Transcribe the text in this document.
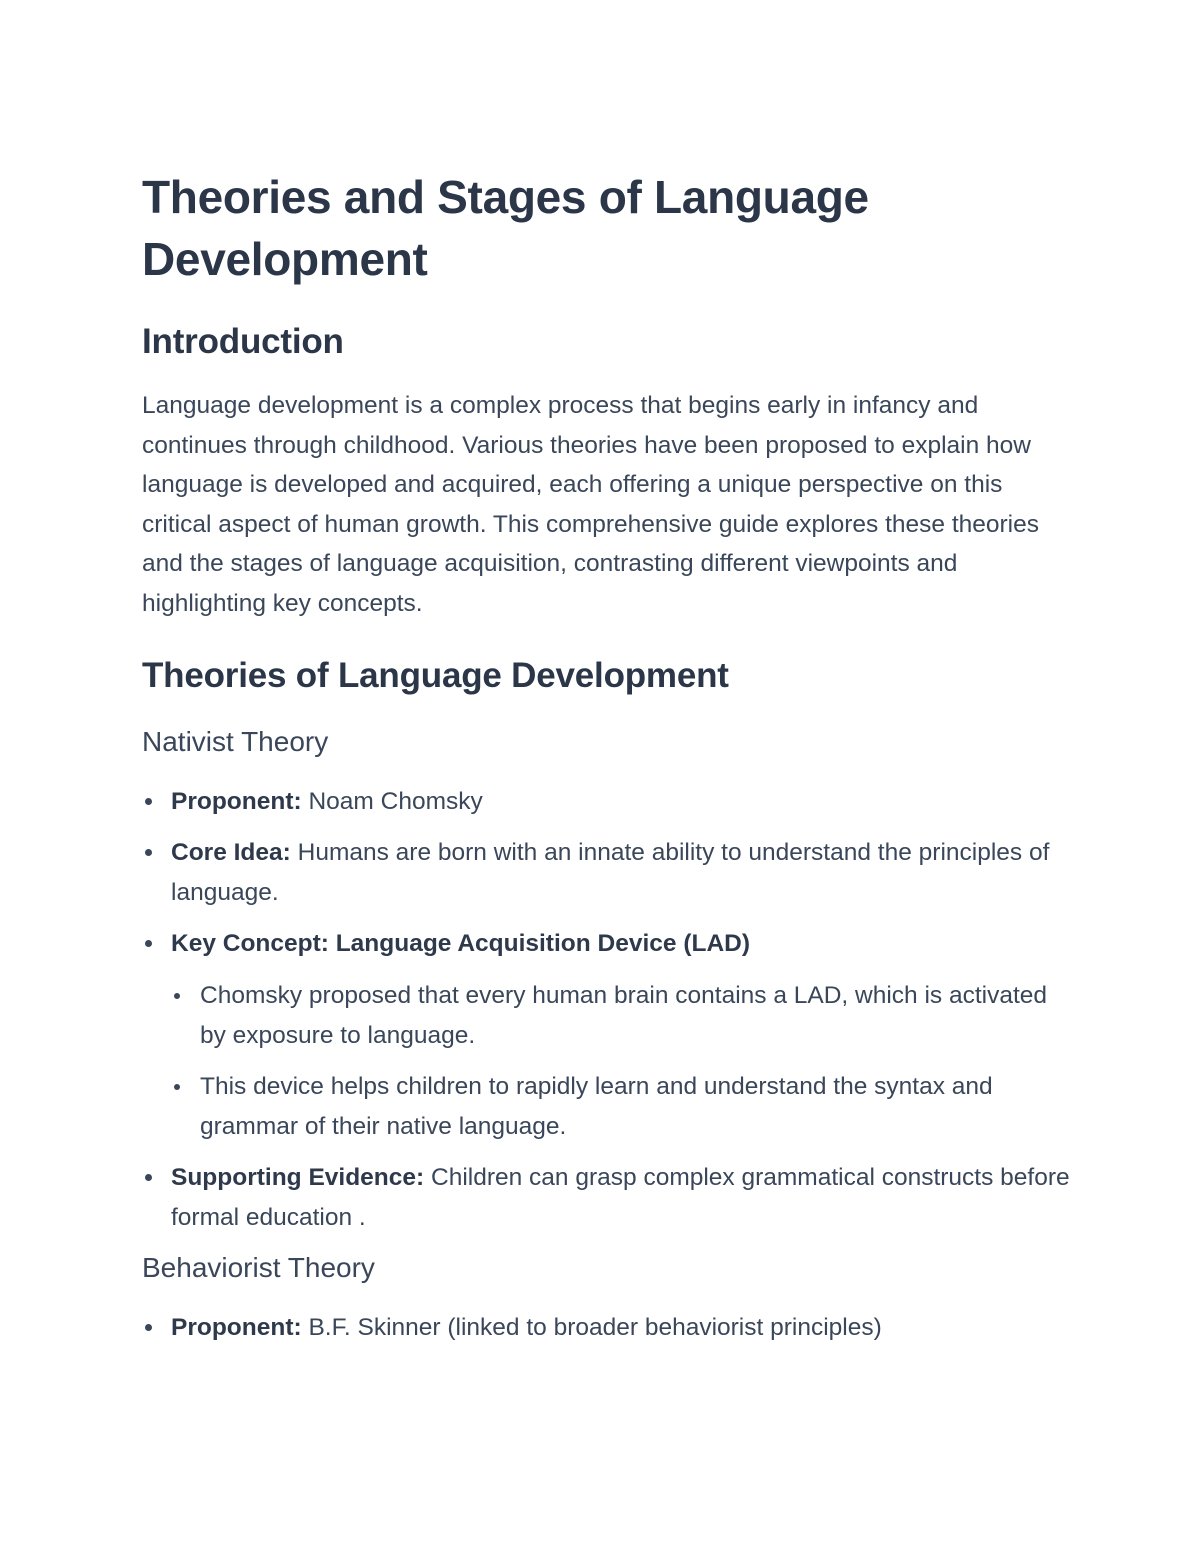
Theories and Stages of Language Development
Introduction

Language development is a complex process that begins early in infancy and continues through childhood. Various theories have been proposed to explain how language is developed and acquired, each offering a unique perspective on this critical aspect of human growth. This comprehensive guide explores these theories and the stages of language acquisition, contrasting different viewpoints and highlighting key concepts.

Theories of Language Development
Nativist Theory
Proponent: Noam Chomsky
Core Idea: Humans are born with an innate ability to understand the principles of language.
Key Concept: Language Acquisition Device (LAD)
Chomsky proposed that every human brain contains a LAD, which is activated by exposure to language.
This device helps children to rapidly learn and understand the syntax and grammar of their native language.
Supporting Evidence: Children can grasp complex grammatical constructs before formal education .
Behaviorist Theory
Proponent: B.F. Skinner (linked to broader behaviorist principles)
